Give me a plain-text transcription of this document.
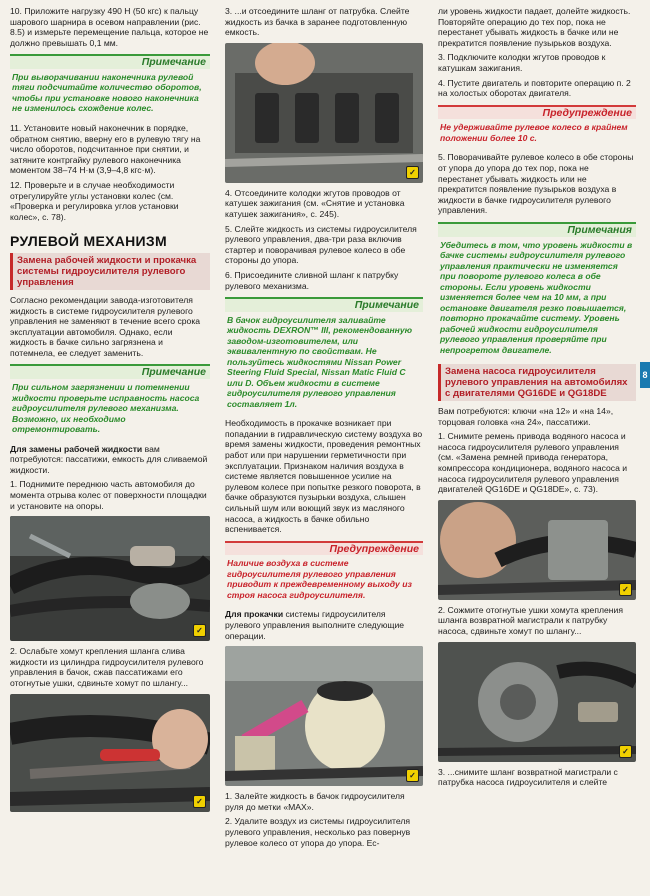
10. Приложите нагрузку 490 Н (50 кгс) к пальцу шарового шарнира в осевом направлении (рис. 8.5) и измерьте перемещение пальца, которое не должно превышать 0,1 мм.

Примечание
При выворачивании наконечника рулевой тяги подсчитайте количество оборотов, чтобы при установке нового наконечника не изменилось схождение колес.

11. Установите новый наконечник в порядке, обратном снятию, вверну его в рулевую тягу на число оборотов, подсчитанное при снятии, и затяните контргайку рулевого наконечника моментом 38–74 Н·м (3,9–4,8 кгс·м).

12. Проверьте и в случае необходимости отрегулируйте углы установки колес (см. «Проверка и регулировка углов установки колес», с. 78).

РУЛЕВОЙ МЕХАНИЗМ
Замена рабочей жидкости и прокачка системы гидроусилителя рулевого управления

Согласно рекомендации завода-изготовителя жидкость в системе гидроусилителя рулевого управления не заменяют в течение всего срока эксплуатации автомобиля. Однако, если жидкость в бачке сильно загрязнена и потемнела, ее следует заменить.

Примечание
При сильном загрязнении и потемнении жидкости проверьте исправность насоса гидроусилителя рулевого механизма. Возможно, их необходимо отремонтировать.

Для замены рабочей жидкости вам потребуются: пассатижи, емкость для сливаемой жидкости.

1. Поднимите переднюю часть автомобиля до момента отрыва колес от поверхности площадки и установите на опоры.

✓

2. Ослабьте хомут крепления шланга слива жидкости из цилиндра гидроусилителя рулевого управления в бачок, сжав пассатижами его отогнутые ушки, сдвиньте хомут по шлангу...

✓

3. ...и отсоедините шланг от патрубка. Слейте жидкость из бачка в заранее подготовленную емкость.

✓

4. Отсоедините колодки жгутов проводов от катушек зажигания (см. «Снятие и установка катушек зажигания», с. 245).

5. Слейте жидкость из системы гидроусилителя рулевого управления, два-три раза включив стартер и поворачивая рулевое колесо в обе стороны до упора.

6. Присоедините сливной шланг к патрубку рулевого механизма.

Примечание
В бачок гидроусилителя заливайте жидкость DEXRON™ III, рекомендованную заводом-изготовителем, или эквивалентную по свойствам. Не пользуйтесь жидкостями Nissan Power Steering Fluid Special, Nissan Matic Fluid C или D. Объем жидкости в системе гидроусилителя рулевого управления составляет 1л.

Необходимость в прокачке возникает при попадании в гидравлическую систему воздуха во время замены жидкости, проведения ремонтных работ или при нарушении герметичности при эксплуатации. Признаком наличия воздуха в системе является повышенное усилие на рулевом колесе при попытке резкого поворота, в бачке образуются пузырьки воздуха, слышен сильный шум или воющий звук из масляного насоса, а жидкость в бачке обильно вспенивается.

Предупреждение
Наличие воздуха в системе гидроусилителя рулевого управления приводит к преждевременному выходу из строя насоса гидроусилителя.

Для прокачки системы гидроусилителя рулевого управления выполните следующие операции.

✓

1. Залейте жидкость в бачок гидроусилителя руля до метки «MAX».

2. Удалите воздух из системы гидроусилителя рулевого управления, несколько раз повернув рулевое колесо от упора до упора. Ес-

ли уровень жидкости падает, долейте жидкость. Повторяйте операцию до тех пор, пока не перестанет убывать жидкость в бачке или не прекратится появление пузырьков воздуха.

3. Подключите колодки жгутов проводов к катушкам зажигания.

4. Пустите двигатель и повторите операцию п. 2 на холостых оборотах двигателя.

Предупреждение
Не удерживайте рулевое колесо в крайнем положении более 10 с.

5. Поворачивайте рулевое колесо в обе стороны от упора до упора до тех пор, пока не перестанет убывать жидкость или не прекратится появление пузырьков воздуха в жидкости в бачке гидроусилителя рулевого управления.

Примечания
Убедитесь в том, что уровень жидкости в бачке системы гидроусилителя рулевого управления практически не изменяется при повороте рулевого колеса в обе стороны. Если уровень жидкости изменяется более чем на 10 мм, а при остановке двигателя резко повышается, повторно прокачайте систему. Уровень рабочей жидкости гидроусилителя рулевого управления проверяйте при непрогретом двигателе.
Замена насоса гидроусилителя рулевого управления на автомобилях с двигателями QG16DE и QG18DE

Вам потребуются: ключи «на 12» и «на 14», торцовая головка «на 24», пассатижи.

1. Снимите ремень привода водяного насоса и насоса гидроусилителя рулевого управления (см. «Замена ремней привода генератора, компрессора кондиционера, водяного насоса и насоса гидроусилителя рулевого управления двигателей QG16DE и QG18DE», с. 73).

✓

2. Сожмите отогнутые ушки хомута крепления шланга возвратной магистрали к патрубку насоса, сдвиньте хомут по шлангу...

✓

3. ...снимите шланг возвратной магистрали с патрубка насоса гидроусилителя и слейте

8
